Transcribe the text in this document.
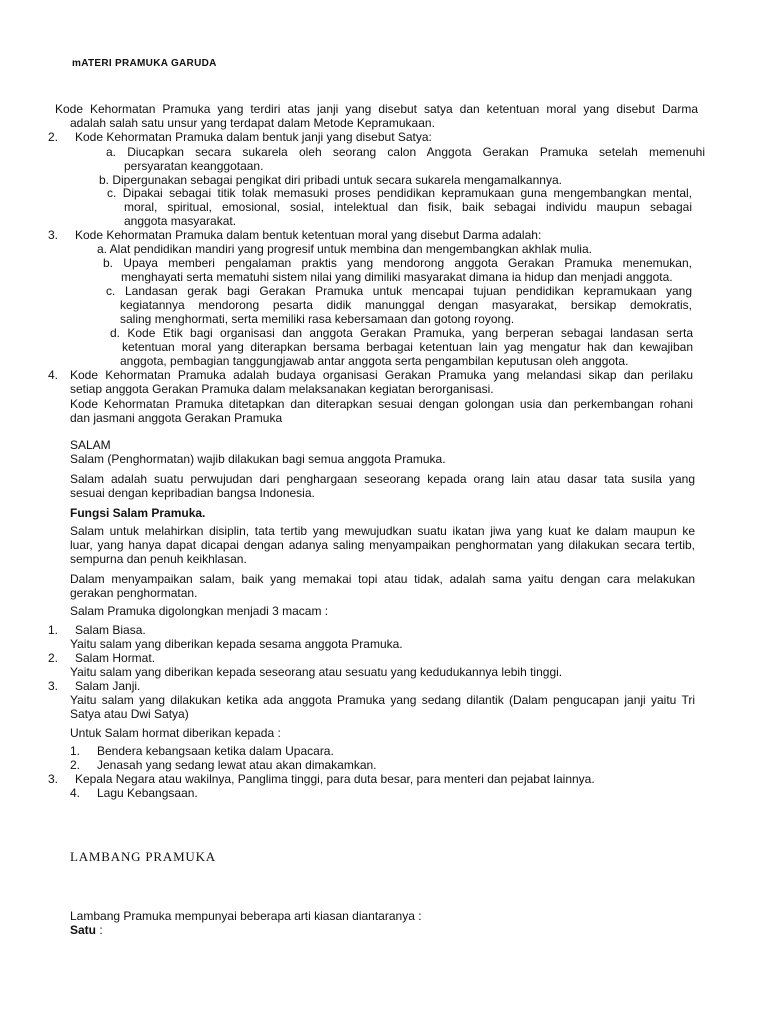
mATERI PRAMUKA GARUDA
Kode Kehormatan Pramuka yang terdiri atas janji yang disebut satya dan ketentuan moral yang disebut Darma
adalah salah satu unsur yang terdapat dalam Metode Kepramukaan.
2. Kode Kehormatan Pramuka dalam bentuk janji yang disebut Satya:
a. Diucapkan secara sukarela oleh seorang calon Anggota Gerakan Pramuka setelah memenuhi
persyaratan keanggotaan.
b. Dipergunakan sebagai pengikat diri pribadi untuk secara sukarela mengamalkannya.
c. Dipakai sebagai titik tolak memasuki proses pendidikan kepramukaan guna mengembangkan mental,
moral, spiritual, emosional, sosial, intelektual dan fisik, baik sebagai individu maupun sebagai
anggota masyarakat.
3. Kode Kehormatan Pramuka dalam bentuk ketentuan moral yang disebut Darma adalah:
a. Alat pendidikan mandiri yang progresif untuk membina dan mengembangkan akhlak mulia.
b. Upaya memberi pengalaman praktis yang mendorong anggota Gerakan Pramuka menemukan,
menghayati serta mematuhi sistem nilai yang dimiliki masyarakat dimana ia hidup dan menjadi anggota.
c. Landasan gerak bagi Gerakan Pramuka untuk mencapai tujuan pendidikan kepramukaan yang
kegiatannya mendorong pesarta didik manunggal dengan masyarakat, bersikap demokratis,
saling menghormati, serta memiliki rasa kebersamaan dan gotong royong.
d. Kode Etik bagi organisasi dan anggota Gerakan Pramuka, yang berperan sebagai landasan serta
ketentuan moral yang diterapkan bersama berbagai ketentuan lain yag mengatur hak dan kewajiban
anggota, pembagian tanggungjawab antar anggota serta pengambilan keputusan oleh anggota.
4. Kode Kehormatan Pramuka adalah budaya organisasi Gerakan Pramuka yang melandasi sikap dan perilaku
setiap anggota Gerakan Pramuka dalam melaksanakan kegiatan berorganisasi.
Kode Kehormatan Pramuka ditetapkan dan diterapkan sesuai dengan golongan usia dan perkembangan rohani
dan jasmani anggota Gerakan Pramuka
SALAM
Salam (Penghormatan) wajib dilakukan bagi semua anggota Pramuka.
Salam adalah suatu perwujudan dari penghargaan seseorang kepada orang lain atau dasar tata susila yang
sesuai dengan kepribadian bangsa Indonesia.
Fungsi Salam Pramuka.
Salam untuk melahirkan disiplin, tata tertib yang mewujudkan suatu ikatan jiwa yang kuat ke dalam maupun ke
luar, yang hanya dapat dicapai dengan adanya saling menyampaikan penghormatan yang dilakukan secara tertib,
sempurna dan penuh keikhlasan.
Dalam menyampaikan salam, baik yang memakai topi atau tidak, adalah sama yaitu dengan cara melakukan
gerakan penghormatan.
Salam Pramuka digolongkan menjadi 3 macam :
1. Salam Biasa.
Yaitu salam yang diberikan kepada sesama anggota Pramuka.
2. Salam Hormat.
Yaitu salam yang diberikan kepada seseorang atau sesuatu yang kedudukannya lebih tinggi.
3. Salam Janji.
Yaitu salam yang dilakukan ketika ada anggota Pramuka yang sedang dilantik (Dalam pengucapan janji yaitu Tri
Satya atau Dwi Satya)
Untuk Salam hormat diberikan kepada :
1. Bendera kebangsaan ketika dalam Upacara.
2. Jenasah yang sedang lewat atau akan dimakamkan.
3. Kepala Negara atau wakilnya, Panglima tinggi, para duta besar, para menteri dan pejabat lainnya.
4. Lagu Kebangsaan.
LAMBANG PRAMUKA
Lambang Pramuka mempunyai beberapa arti kiasan diantaranya :
Satu :
